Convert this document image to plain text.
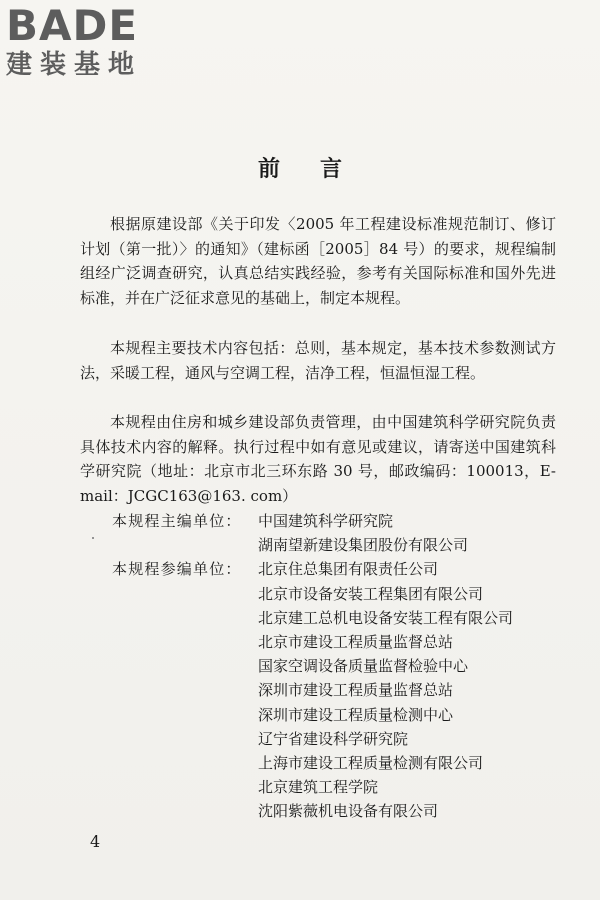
BADE
建装基地
前言

根据原建设部《关于印发〈2005 年工程建设标准规范制订、修订计划（第一批）〉的通知》（建标函［2005］84 号）的要求，规程编制组经广泛调查研究，认真总结实践经验，参考有关国际标准和国外先进标准，并在广泛征求意见的基础上，制定本规程。

本规程主要技术内容包括：总则，基本规定，基本技术参数测试方法，采暖工程，通风与空调工程，洁净工程，恒温恒湿工程。

本规程由住房和城乡建设部负责管理，由中国建筑科学研究院负责具体技术内容的解释。执行过程中如有意见或建议，请寄送中国建筑科学研究院（地址：北京市北三环东路 30 号，邮政编码：100013，E-mail：JCGC163@163. com）

本规程主编单位：	中国建筑科学研究院
湖南望新建设集团股份有限公司
本规程参编单位：	北京住总集团有限责任公司
北京市设备安装工程集团有限公司
北京建工总机电设备安装工程有限公司
北京市建设工程质量监督总站
国家空调设备质量监督检验中心
深圳市建设工程质量监督总站
深圳市建设工程质量检测中心
辽宁省建设科学研究院
上海市建设工程质量检测有限公司
北京建筑工程学院
沈阳紫薇机电设备有限公司
4
